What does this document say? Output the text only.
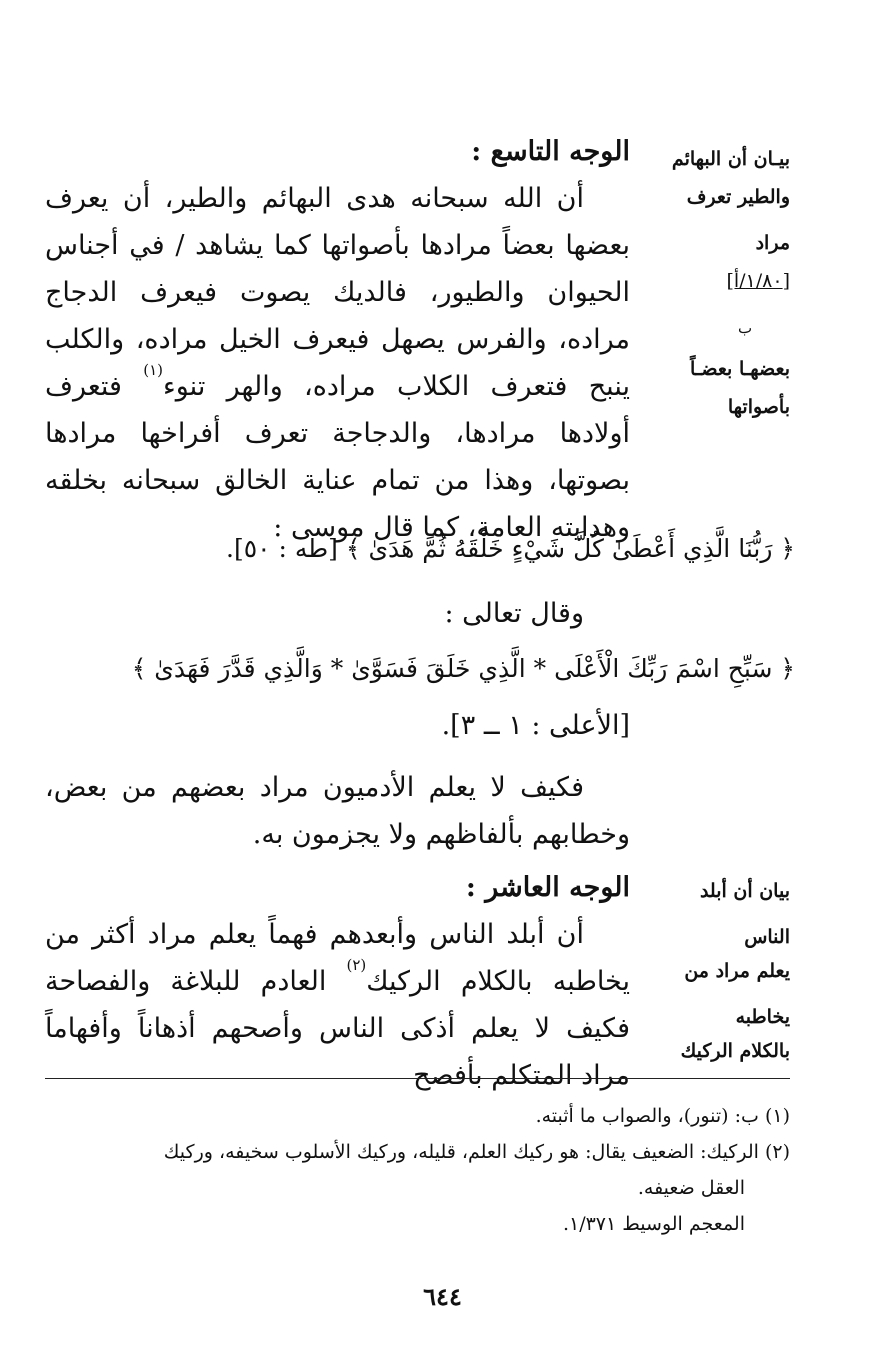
بيـان أن البهائم
والطير تعرف مراد
[١/٨٠/أ]
ب
بعضهـا بعضـاً
بأصواتها
الوجه التاسع :

أن الله سبحانه هدى البهائم والطير، أن يعرف بعضها بعضاً مرادها بأصواتها كما يشاهد / في أجناس الحيوان والطيور، فالديك يصوت فيعرف الدجاج مراده، والفرس يصهل فيعرف الخيل مراده، والكلب ينبح فتعرف الكلاب مراده، والهر تنوء$^{(١)}$ فتعرف أولادها مرادها، والدجاجة تعرف أفراخها مرادها بصوتها، وهذا من تمام عناية الخالق سبحانه بخلقه وهدايته العامة، كما قال موسى :

﴿ رَبُّنَا الَّذِي أَعْطَىٰ كُلَّ شَيْءٍ خَلْقَهُ ثُمَّ هَدَىٰ ﴾ [طه : ٥٠].
وقال تعالى :
﴿ سَبِّحِ اسْمَ رَبِّكَ الْأَعْلَى * الَّذِي خَلَقَ فَسَوَّىٰ * وَالَّذِي قَدَّرَ فَهَدَىٰ ﴾
[الأعلى : ١ ــ ٣].

فكيف لا يعلم الأدميون مراد بعضهم من بعض، وخطابهم بألفاظهم ولا يجزمون به.

بيان أن أبلد الناس
يعلم مراد من يخاطبه
بالكلام الركيك
الوجه العاشر :

أن أبلد الناس وأبعدهم فهماً يعلم مراد أكثر من يخاطبه بالكلام الركيك$^{(٢)}$ العادم للبلاغة والفصاحة فكيف لا يعلم أذكى الناس وأصحهم أذهاناً وأفهاماً مراد المتكلم بأفصح

(١) ب: (تنور)، والصواب ما أثبته.
(٢) الركيك: الضعيف يقال: هو ركيك العلم، قليله، وركيك الأسلوب سخيفه، وركيك
العقل ضعيفه.
المعجم الوسيط ١/٣٧١.
٦٤٤
